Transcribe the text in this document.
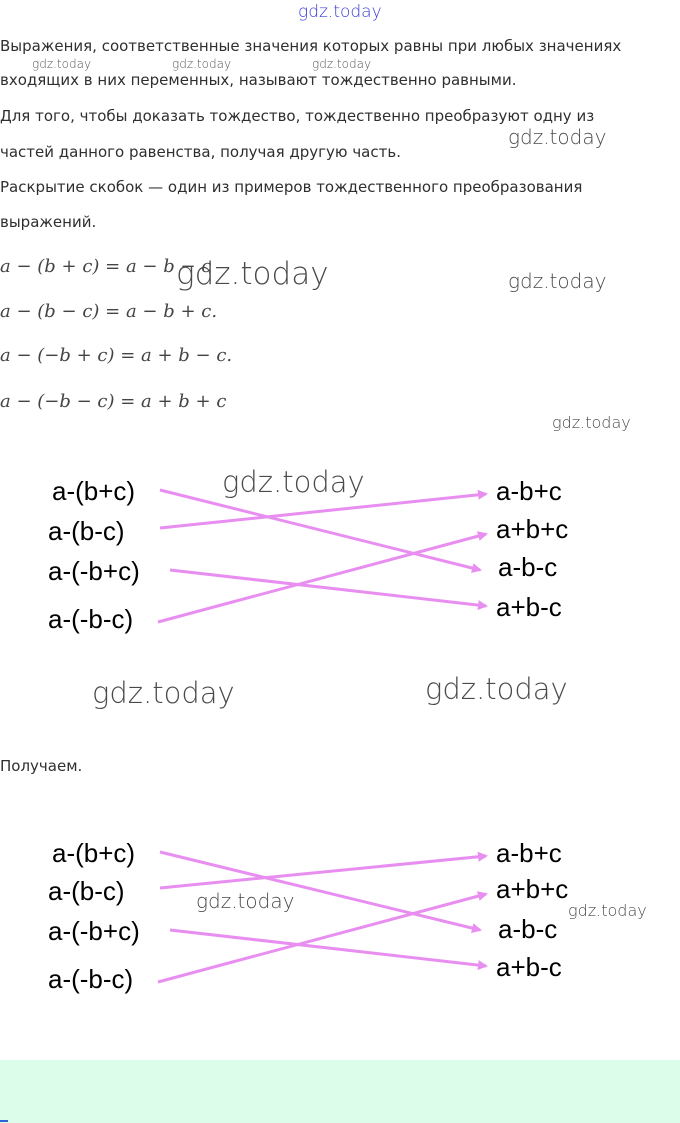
gdz.today
gdz.today	gdz.today	gdz.today
gdz.today
Выражения, соответственные значения которых равны при любых значениях
входящих в них переменных, называют тождественно равными.
Для того, чтобы доказать тождество, тождественно преобразуют одну из
частей данного равенства, получая другую часть.
Раскрытие скобок — один из примеров тождественного преобразования
выражений.
a − (b + c) = a − b − c
a − (b − c) = a − b + c.
a − (−b + c) = a + b − c.
a − (−b − c) = a + b + c
gdz.today	gdz.today
gdz.today
a-(b+c)
a-(b-c)
a-(-b+c)
a-(-b-c)
a-b+c
a+b+c
a-b-c
a+b-c
gdz.today
gdz.today	gdz.today
Получаем.
a-(b+c)
a-(b-c)
a-(-b+c)
a-(-b-c)
a-b+c
a+b+c
a-b-c
a+b-c
gdz.today	gdz.today
